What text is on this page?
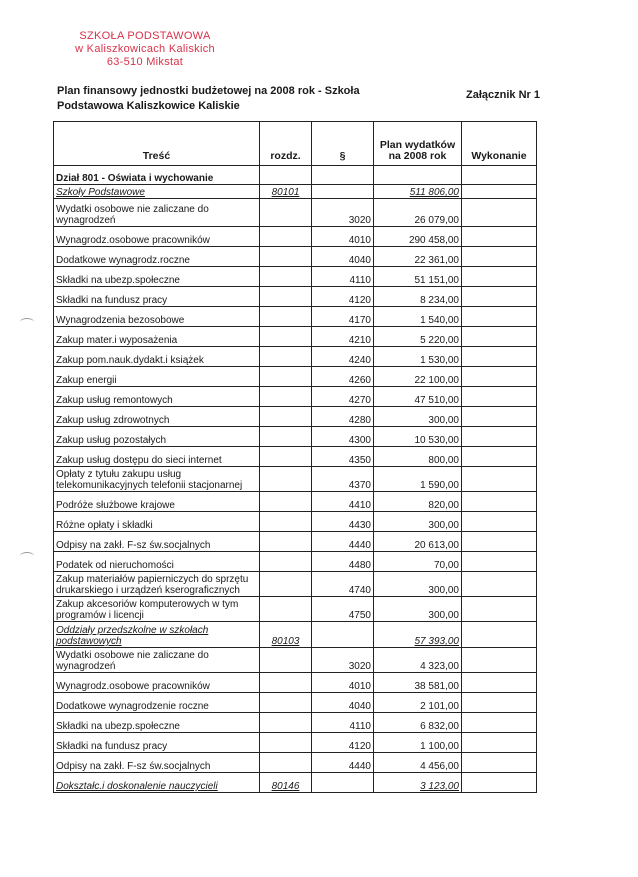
SZKOŁA PODSTAWOWA
w Kaliszkowicach Kaliskich
63-510 Mikstat
Plan finansowy jednostki budżetowej na 2008 rok - Szkoła Podstawowa Kaliszkowice Kaliskie
Załącznik Nr 1
Treść	rozdz.	§	Plan wydatków na 2008 rok	Wykonanie
Dział 801 - Oświata i wychowanie				
Szkoły Podstawowe	80101		511 806,00	
Wydatki osobowe nie zaliczane do wynagrodzeń		3020	26 079,00	
Wynagrodz.osobowe pracowników		4010	290 458,00	
Dodatkowe wynagrodz.roczne		4040	22 361,00	
Składki na ubezp.społeczne		4110	51 151,00	
Składki na fundusz pracy		4120	8 234,00	
Wynagrodzenia bezosobowe		4170	1 540,00	
Zakup mater.i wyposażenia		4210	5 220,00	
Zakup pom.nauk.dydakt.i książek		4240	1 530,00	
Zakup energii		4260	22 100,00	
Zakup usług remontowych		4270	47 510,00	
Zakup usług zdrowotnych		4280	300,00	
Zakup usług pozostałych		4300	10 530,00	
Zakup usług dostępu do sieci internet		4350	800,00	
Opłaty z tytułu zakupu usług telekomunikacyjnych telefonii stacjonarnej		4370	1 590,00	
Podróże służbowe krajowe		4410	820,00	
Różne opłaty i składki		4430	300,00	
Odpisy na zakł. F-sz św.socjalnych		4440	20 613,00	
Podatek od nieruchomości		4480	70,00	
Zakup materiałów papierniczych do sprzętu drukarskiego i urządzeń kserograficznych		4740	300,00	
Zakup akcesoriów komputerowych w tym programów i licencji		4750	300,00	
Oddziały przedszkolne w szkołach podstawowych	80103		57 393,00	
Wydatki osobowe nie zaliczane do wynagrodzeń		3020	4 323,00	
Wynagrodz.osobowe pracowników		4010	38 581,00	
Dodatkowe wynagrodzenie roczne		4040	2 101,00	
Składki na ubezp.społeczne		4110	6 832,00	
Składki na fundusz pracy		4120	1 100,00	
Odpisy na zakł. F-sz św.socjalnych		4440	4 456,00	
Dokształc.i doskonalenie nauczycieli	80146		3 123,00	
